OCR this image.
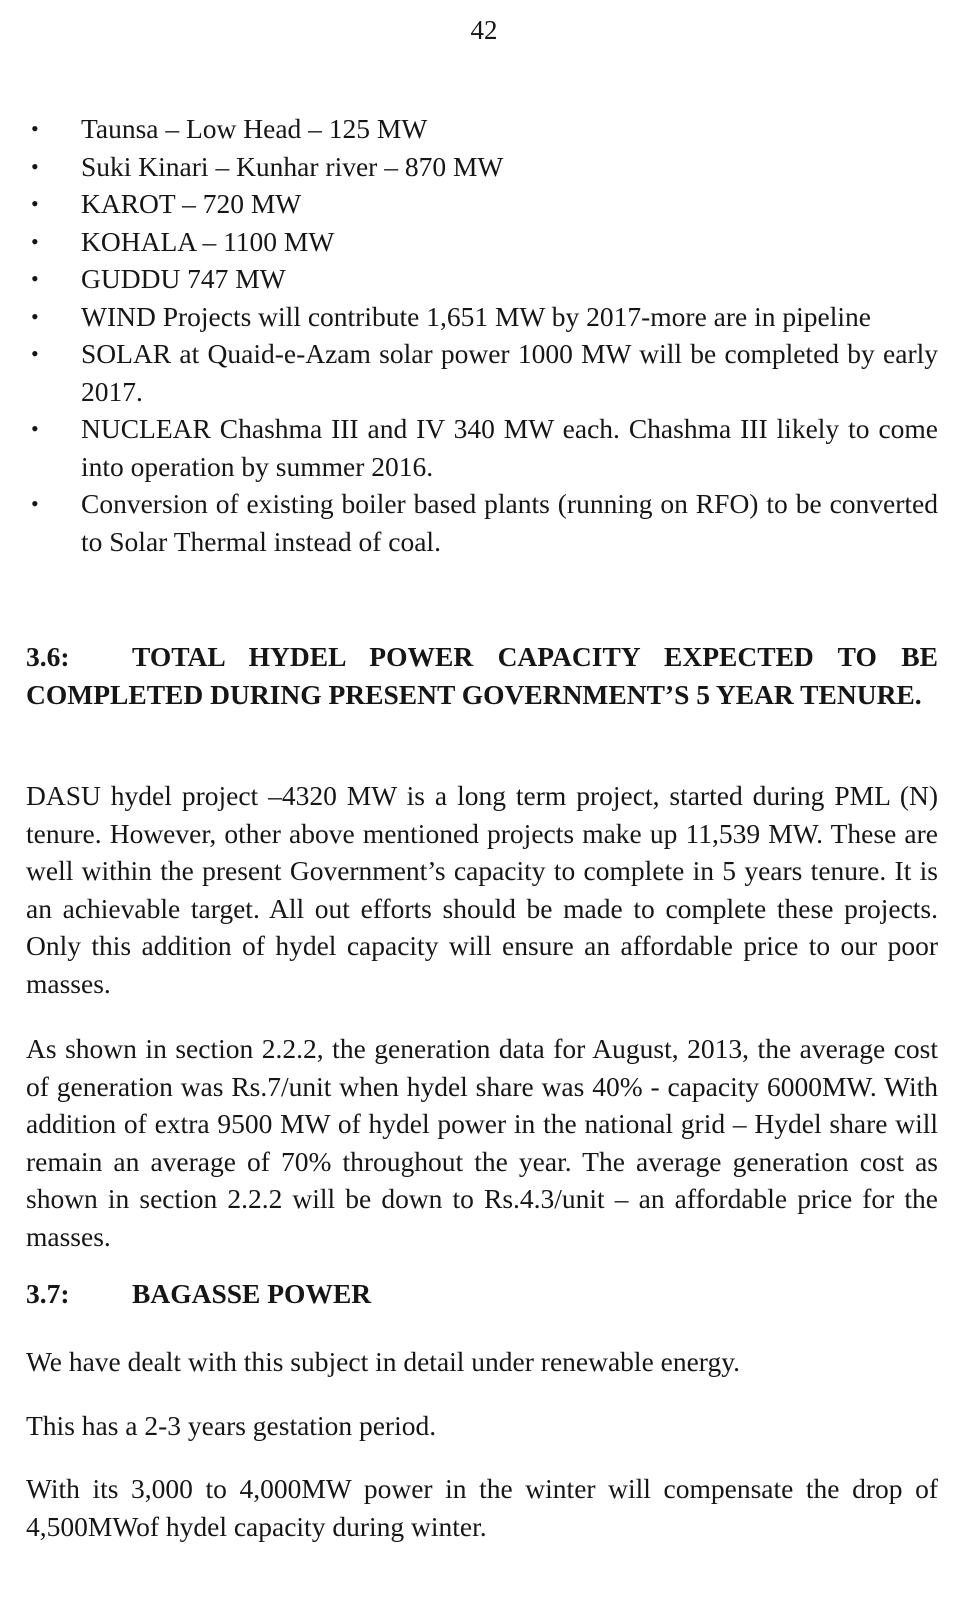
42
• Taunsa – Low Head – 125 MW
• Suki Kinari – Kunhar river – 870 MW
• KAROT – 720 MW
• KOHALA – 1100 MW
• GUDDU 747 MW
• WIND Projects will contribute 1,651 MW by 2017-more are in pipeline
• SOLAR at Quaid-e-Azam solar power 1000 MW will be completed by early 2017.
• NUCLEAR Chashma III and IV 340 MW each. Chashma III likely to come into operation by summer 2016.
• Conversion of existing boiler based plants (running on RFO) to be converted to Solar Thermal instead of coal.
3.6: TOTAL HYDEL POWER CAPACITY EXPECTED TO BE COMPLETED DURING PRESENT GOVERNMENT’S 5 YEAR TENURE.

DASU hydel project –4320 MW is a long term project, started during PML (N) tenure. However, other above mentioned projects make up 11,539 MW. These are well within the present Government’s capacity to complete in 5 years tenure. It is an achievable target. All out efforts should be made to complete these projects. Only this addition of hydel capacity will ensure an affordable price to our poor masses.

As shown in section 2.2.2, the generation data for August, 2013, the average cost of generation was Rs.7/unit when hydel share was 40% - capacity 6000MW. With addition of extra 9500 MW of hydel power in the national grid – Hydel share will remain an average of 70% throughout the year. The average generation cost as shown in section 2.2.2 will be down to Rs.4.3/unit – an affordable price for the masses.

3.7: BAGASSE POWER

We have dealt with this subject in detail under renewable energy.

This has a 2-3 years gestation period.

With its 3,000 to 4,000MW power in the winter will compensate the drop of 4,500MWof hydel capacity during winter.
